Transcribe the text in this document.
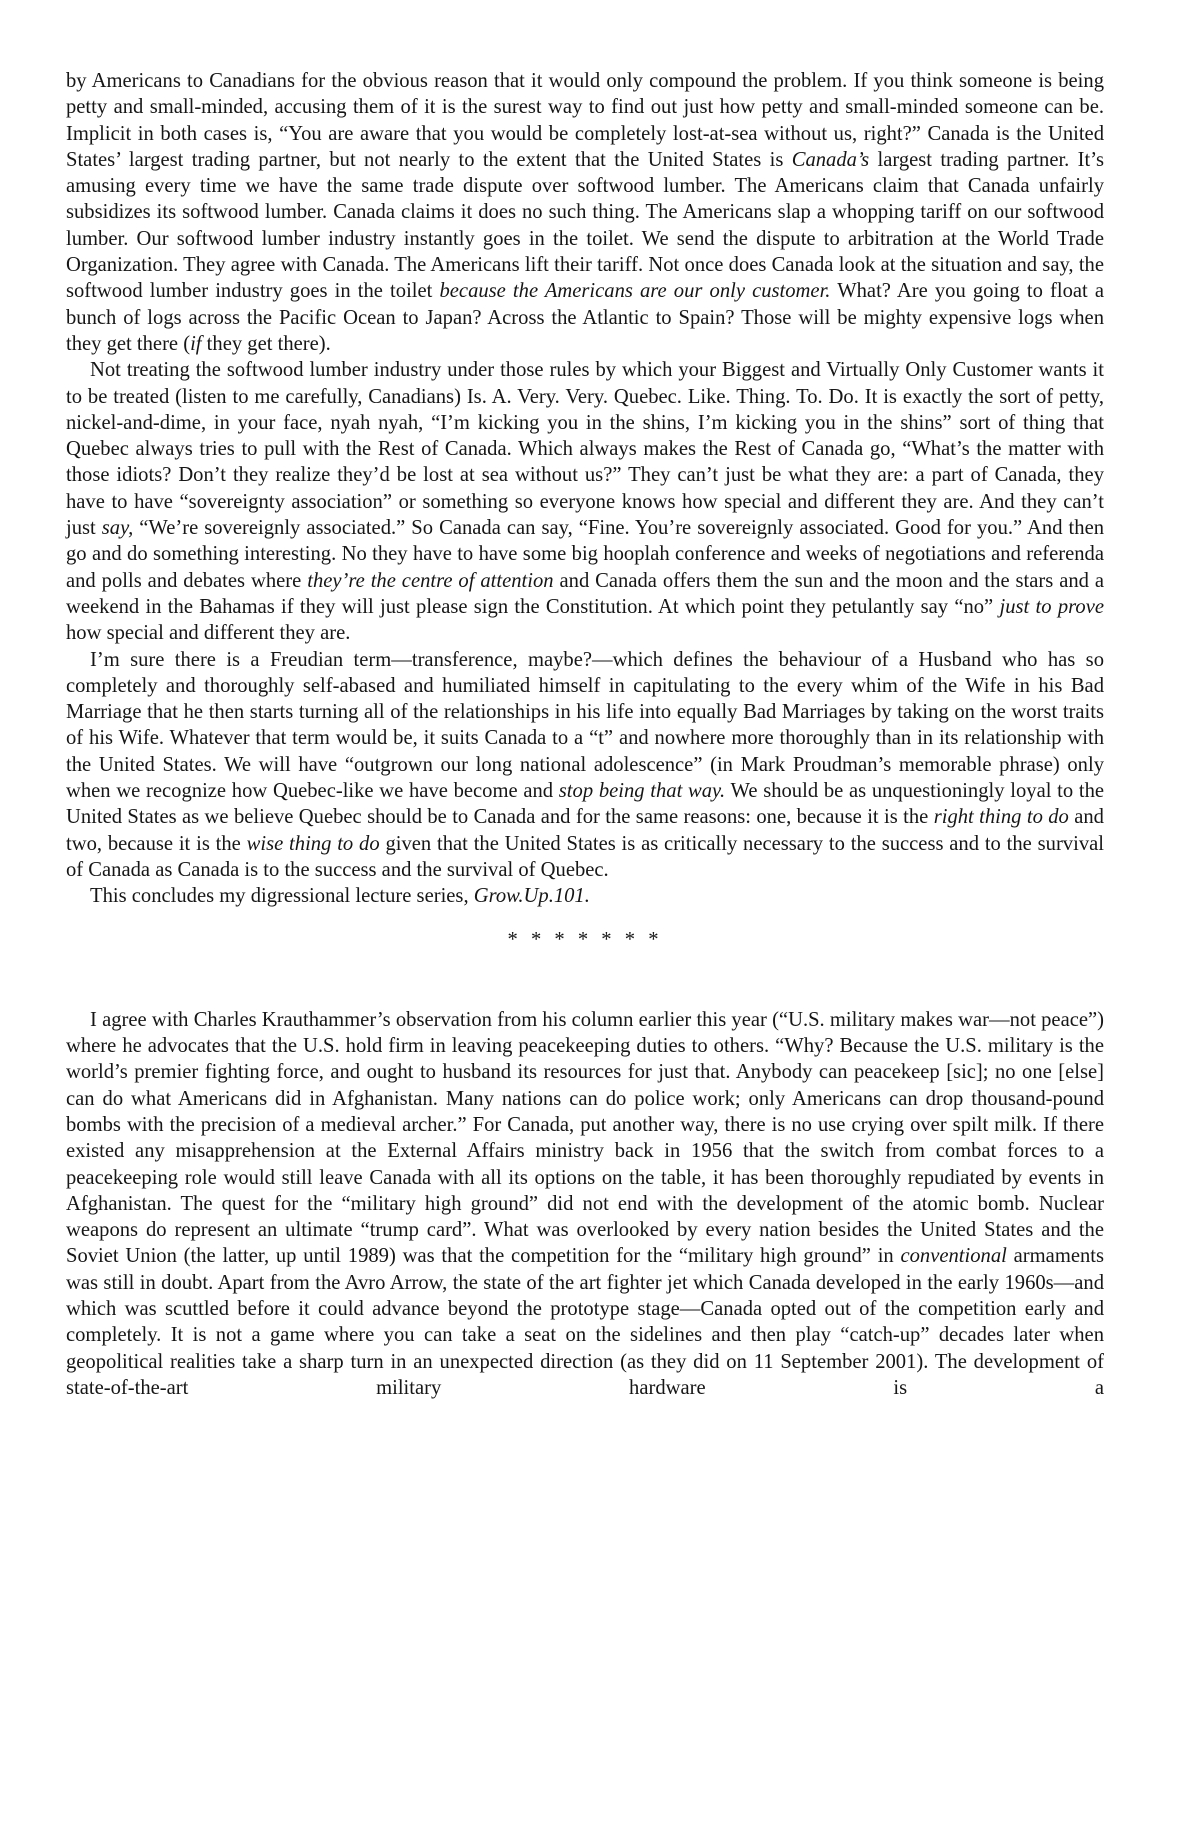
by Americans to Canadians for the obvious reason that it would only compound the problem. If you think someone is being petty and small-minded, accusing them of it is the surest way to find out just how petty and small-minded someone can be. Implicit in both cases is, “You are aware that you would be completely lost-at-sea without us, right?” Canada is the United States’ largest trading partner, but not nearly to the extent that the United States is Canada’s largest trading partner. It’s amusing every time we have the same trade dispute over softwood lumber. The Americans claim that Canada unfairly subsidizes its softwood lumber. Canada claims it does no such thing. The Americans slap a whopping tariff on our softwood lumber. Our softwood lumber industry instantly goes in the toilet. We send the dispute to arbitration at the World Trade Organization. They agree with Canada. The Americans lift their tariff. Not once does Canada look at the situation and say, the softwood lumber industry goes in the toilet because the Americans are our only customer. What? Are you going to float a bunch of logs across the Pacific Ocean to Japan? Across the Atlantic to Spain? Those will be mighty expensive logs when they get there (if they get there).

Not treating the softwood lumber industry under those rules by which your Biggest and Virtually Only Customer wants it to be treated (listen to me carefully, Canadians) Is. A. Very. Very. Quebec. Like. Thing. To. Do. It is exactly the sort of petty, nickel-and-dime, in your face, nyah nyah, “I’m kicking you in the shins, I’m kicking you in the shins” sort of thing that Quebec always tries to pull with the Rest of Canada. Which always makes the Rest of Canada go, “What’s the matter with those idiots? Don’t they realize they’d be lost at sea without us?” They can’t just be what they are: a part of Canada, they have to have “sovereignty association” or something so everyone knows how special and different they are. And they can’t just say, “We’re sovereignly associated.” So Canada can say, “Fine. You’re sovereignly associated. Good for you.” And then go and do something interesting. No they have to have some big hooplah conference and weeks of negotiations and referenda and polls and debates where they’re the centre of attention and Canada offers them the sun and the moon and the stars and a weekend in the Bahamas if they will just please sign the Constitution. At which point they petulantly say “no” just to prove how special and different they are.

I’m sure there is a Freudian term—transference, maybe?—which defines the behaviour of a Husband who has so completely and thoroughly self-abased and humiliated himself in capitulating to the every whim of the Wife in his Bad Marriage that he then starts turning all of the relationships in his life into equally Bad Marriages by taking on the worst traits of his Wife. Whatever that term would be, it suits Canada to a “t” and nowhere more thoroughly than in its relationship with the United States. We will have “outgrown our long national adolescence” (in Mark Proudman’s memorable phrase) only when we recognize how Quebec-like we have become and stop being that way. We should be as unquestioningly loyal to the United States as we believe Quebec should be to Canada and for the same reasons: one, because it is the right thing to do and two, because it is the wise thing to do given that the United States is as critically necessary to the success and to the survival of Canada as Canada is to the success and the survival of Quebec.

This concludes my digressional lecture series, Grow.Up.101.

* * * * * * *

I agree with Charles Krauthammer’s observation from his column earlier this year (“U.S. military makes war—not peace”) where he advocates that the U.S. hold firm in leaving peacekeeping duties to others. “Why? Because the U.S. military is the world’s premier fighting force, and ought to husband its resources for just that. Anybody can peacekeep [sic]; no one [else] can do what Americans did in Afghanistan. Many nations can do police work; only Americans can drop thousand-pound bombs with the precision of a medieval archer.” For Canada, put another way, there is no use crying over spilt milk. If there existed any misapprehension at the External Affairs ministry back in 1956 that the switch from combat forces to a peacekeeping role would still leave Canada with all its options on the table, it has been thoroughly repudiated by events in Afghanistan. The quest for the “military high ground” did not end with the development of the atomic bomb. Nuclear weapons do represent an ultimate “trump card”. What was overlooked by every nation besides the United States and the Soviet Union (the latter, up until 1989) was that the competition for the “military high ground” in conventional armaments was still in doubt. Apart from the Avro Arrow, the state of the art fighter jet which Canada developed in the early 1960s—and which was scuttled before it could advance beyond the prototype stage—Canada opted out of the competition early and completely. It is not a game where you can take a seat on the sidelines and then play “catch-up” decades later when geopolitical realities take a sharp turn in an unexpected direction (as they did on 11 September 2001). The development of state-of-the-art military hardware is a
